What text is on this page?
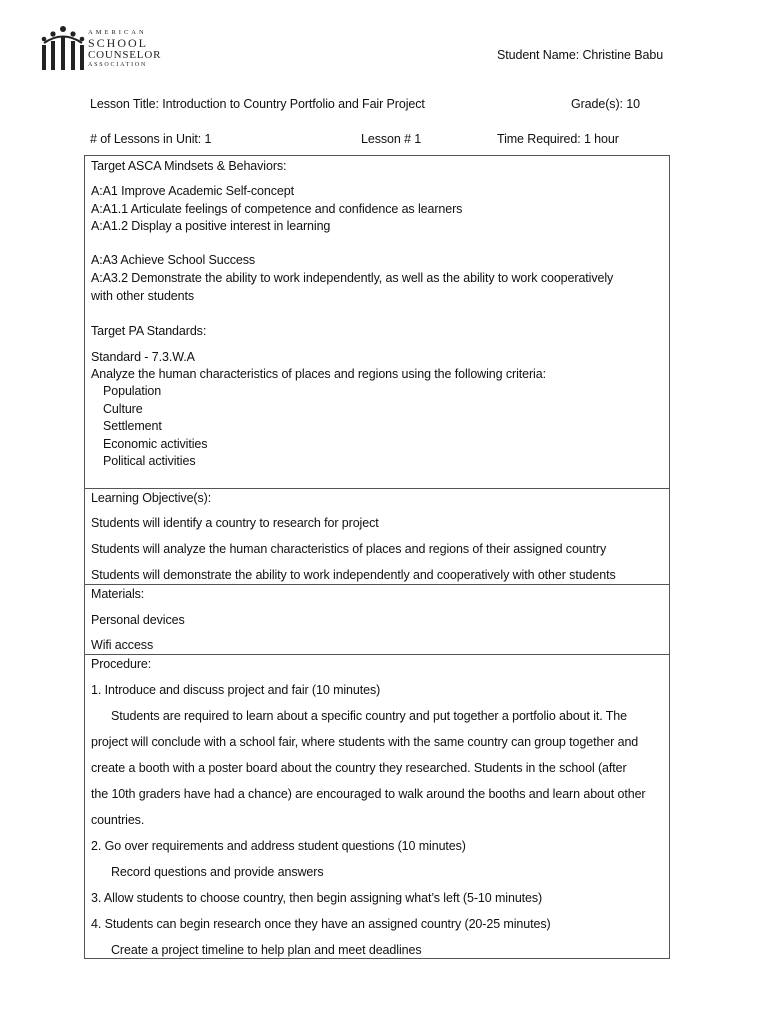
AMERICAN
SCHOOL
COUNSELOR
ASSOCIATION
Student Name: Christine Babu
Lesson Title: Introduction to Country Portfolio and Fair Project	Grade(s): 10
# of Lessons in Unit: 1	Lesson # 1	Time Required: 1 hour
Target ASCA Mindsets & Behaviors:
A:A1 Improve Academic Self-concept
A:A1.1 Articulate feelings of competence and confidence as learners
A:A1.2 Display a positive interest in learning
A:A3 Achieve School Success
A:A3.2 Demonstrate the ability to work independently, as well as the ability to work cooperatively
with other students
Target PA Standards:
Standard - 7.3.W.A
Analyze the human characteristics of places and regions using the following criteria:
Population
Culture
Settlement
Economic activities
Political activities
Learning Objective(s):
Students will identify a country to research for project
Students will analyze the human characteristics of places and regions of their assigned country
Students will demonstrate the ability to work independently and cooperatively with other students
Materials:
Personal devices
Wifi access
Procedure:
1. Introduce and discuss project and fair (10 minutes)
Students are required to learn about a specific country and put together a portfolio about it. The
project will conclude with a school fair, where students with the same country can group together and
create a booth with a poster board about the country they researched. Students in the school (after
the 10th graders have had a chance) are encouraged to walk around the booths and learn about other
countries.
2. Go over requirements and address student questions (10 minutes)
Record questions and provide answers
3. Allow students to choose country, then begin assigning what’s left (5-10 minutes)
4. Students can begin research once they have an assigned country (20-25 minutes)
Create a project timeline to help plan and meet deadlines
